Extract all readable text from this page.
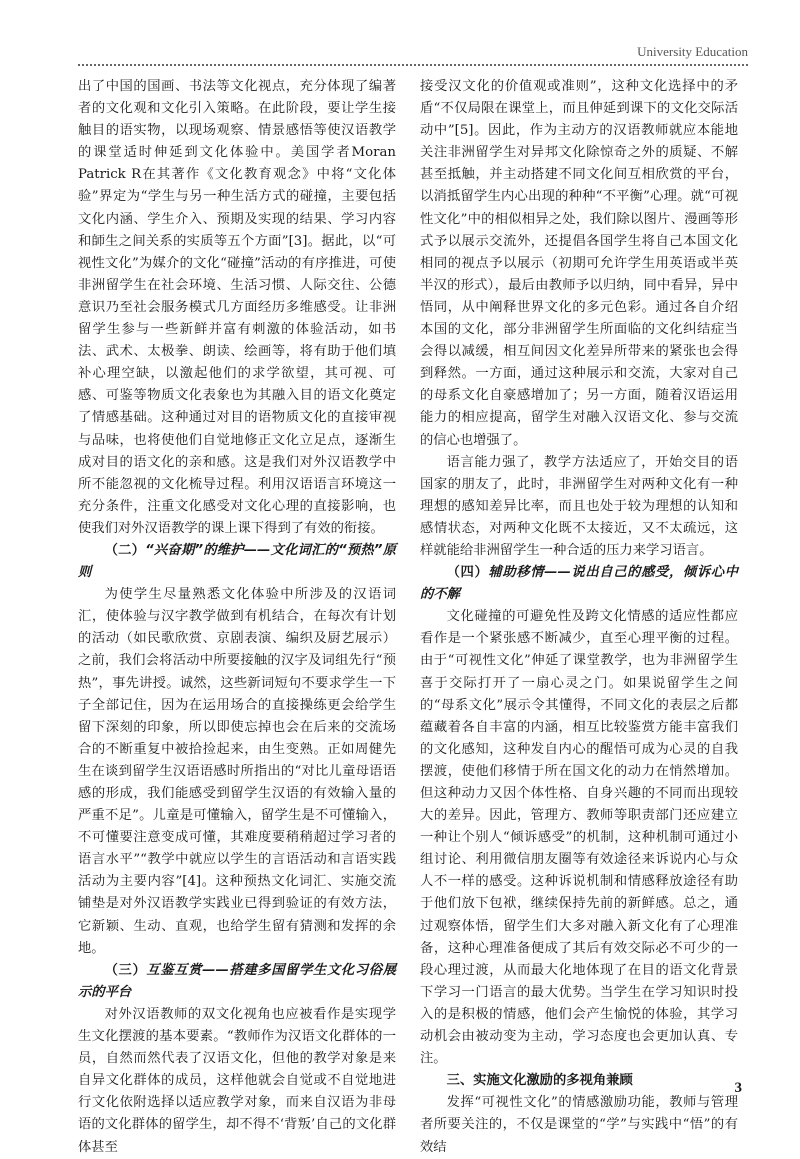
University Education

出了中国的国画、书法等文化视点，充分体现了编著者的文化观和文化引入策略。在此阶段，要让学生接触目的语实物，以现场观察、情景感悟等使汉语教学的课堂适时伸延到文化体验中。美国学者Moran Patrick R在其著作《文化教育观念》中将“文化体验”界定为“学生与另一种生活方式的碰撞，主要包括文化内涵、学生介入、预期及实现的结果、学习内容和師生之间关系的实质等五个方面”[3]。据此，以“可视性文化”为媒介的文化“碰撞”活动的有序推进，可使非洲留学生在社会环境、生活习惯、人际交往、公德意识乃至社会服务模式几方面经历多维感受。让非洲留学生参与一些新鲜并富有刺激的体验活动，如书法、武术、太极拳、朗读、绘画等，将有助于他们填补心理空缺，以激起他们的求学欲望，其可视、可感、可鉴等物质文化表象也为其融入目的语文化奠定了情感基础。这种通过对目的语物质文化的直接审视与品味，也将使他们自觉地修正文化立足点，逐渐生成对目的语文化的亲和感。这是我们对外汉语教学中所不能忽视的文化梳导过程。利用汉语语言环境这一充分条件，注重文化感受对文化心理的直接影响，也使我们对外汉语教学的课上课下得到了有效的衔接。

（二）“兴奋期”的维护——文化词汇的“预热”原则

为使学生尽量熟悉文化体验中所涉及的汉语词汇，使体验与汉字教学做到有机结合，在每次有计划的活动（如民歌欣赏、京剧表演、编织及厨艺展示）之前，我们会将活动中所要接触的汉字及词组先行“预热”，事先讲授。诚然，这些新词短句不要求学生一下子全部记住，因为在运用场合的直接操练更会给学生留下深刻的印象，所以即使忘掉也会在后来的交流场合的不断重复中被拾捡起来，由生变熟。正如周健先生在谈到留学生汉语语感时所指出的“对比儿童母语语感的形成，我们能感受到留学生汉语的有效输入量的严重不足”。儿童是可懂输入，留学生是不可懂输入，不可懂要注意变成可懂，其难度要稍稍超过学习者的语言水平”“教学中就应以学生的言语活动和言语实践活动为主要内容”[4]。这种预热文化词汇、实施交流铺垫是对外汉语教学实践业已得到验证的有效方法，它新颖、生动、直观，也给学生留有猜测和发挥的余地。

（三）互鉴互赏——搭建多国留学生文化习俗展示的平台

对外汉语教师的双文化视角也应被看作是实现学生文化摆渡的基本要素。“教师作为汉语文化群体的一员，自然而然代表了汉语文化，但他的教学对象是来自异文化群体的成员，这样他就会自觉或不自觉地进行文化依附选择以适应教学对象，而来自汉语为非母语的文化群体的留学生，却不得不‘背叛’自己的文化群体甚至

接受汉文化的价值观或准则”，这种文化选择中的矛盾“不仅局限在课堂上，而且伸延到课下的文化交际活动中”[5]。因此，作为主动方的汉语教师就应本能地关注非洲留学生对异邦文化除惊奇之外的质疑、不解甚至抵触，并主动搭建不同文化间互相欣赏的平台，以消抵留学生内心出现的种种“不平衡”心理。就“可视性文化”中的相似相异之处，我们除以图片、漫画等形式予以展示交流外，还提倡各国学生将自己本国文化相同的视点予以展示（初期可允许学生用英语或半英半汉的形式），最后由教师予以归纳，同中看异，异中悟同，从中阐释世界文化的多元色彩。通过各自介绍本国的文化，部分非洲留学生所面临的文化纠结症当会得以减缓，相互间因文化差异所带来的紧张也会得到释然。一方面，通过这种展示和交流，大家对自己的母系文化自豪感增加了；另一方面，随着汉语运用能力的相应提高，留学生对融入汉语文化、参与交流的信心也增强了。

语言能力强了，教学方法适应了，开始交目的语国家的朋友了，此时，非洲留学生对两种文化有一种理想的感知差异比率，而且也处于较为理想的认知和感情状态，对两种文化既不太接近，又不太疏远，这样就能给非洲留学生一种合适的压力来学习语言。

（四）辅助移情——说出自己的感受，倾诉心中的不解

文化碰撞的可避免性及跨文化情感的适应性都应看作是一个紧张感不断减少，直至心理平衡的过程。由于“可视性文化”伸延了课堂教学，也为非洲留学生喜于交际打开了一扇心灵之门。如果说留学生之间的“母系文化”展示令其懂得，不同文化的表层之后都蕴藏着各自丰富的内涵，相互比较鉴赏方能丰富我们的文化感知，这种发自内心的醒悟可成为心灵的自我摆渡，使他们移情于所在国文化的动力在悄然增加。但这种动力又因个体性格、自身兴趣的不同而出现较大的差异。因此，管理方、教师等职责部门还应建立一种让个别人“倾诉感受”的机制，这种机制可通过小组讨论、利用微信朋友圈等有效途径来诉说内心与众人不一样的感受。这种诉说机制和情感释放途径有助于他们放下包袱，继续保持先前的新鲜感。总之，通过观察体悟，留学生们大多对融入新文化有了心理准备，这种心理准备便成了其后有效交际必不可少的一段心理过渡，从而最大化地体现了在目的语文化背景下学习一门语言的最大优势。当学生在学习知识时投入的是积极的情感，他们会产生愉悦的体验，其学习动机会由被动变为主动，学习态度也会更加认真、专注。

三、实施文化激励的多视角兼顾

发挥“可视性文化”的情感激励功能，教师与管理者所要关注的，不仅是课堂的“学”与实践中“悟”的有效结

3
